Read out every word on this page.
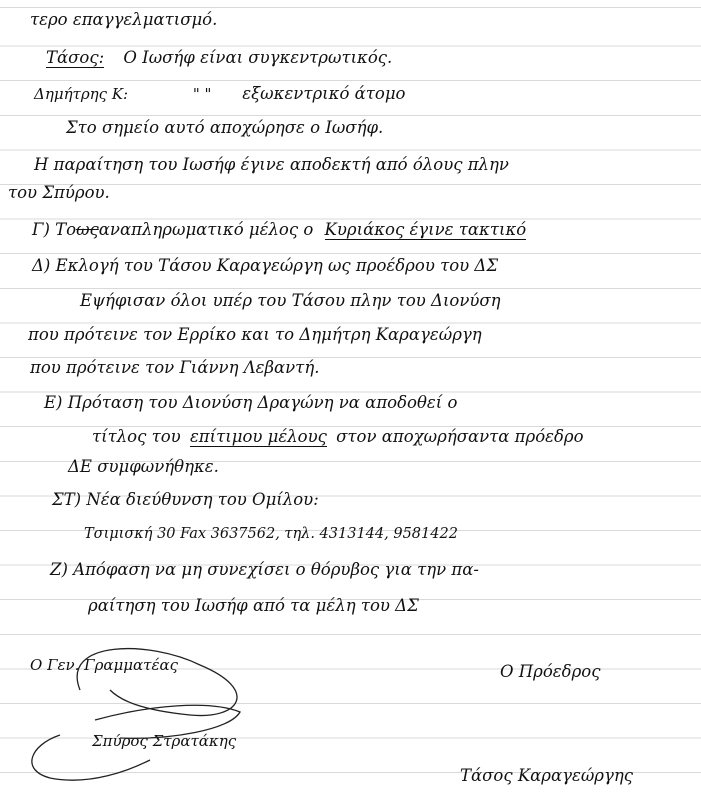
τερο επαγγελματισμό.
Τάσος: Ο Ιωσήφ είναι συγκεντρωτικός.
Δημήτρης Κ:	" " εξωκεντρικό άτομο
Στο σημείο αυτό αποχώρησε ο Ιωσήφ.
Η παραίτηση του Ιωσήφ έγινε αποδεκτή από όλους πλην
του Σπύρου.
Γ) Τοωςαναπληρωματικό μέλος ο Κυριάκος έγινε τακτικό
Δ) Εκλογή του Τάσου Καραγεώργη ως προέδρου του ΔΣ
Εψήφισαν όλοι υπέρ του Τάσου πλην του Διονύση
που πρότεινε τον Ερρίκο και το Δημήτρη Καραγεώργη
που πρότεινε τον Γιάννη Λεβαντή.
Ε) Πρόταση του Διονύση Δραγώνη να αποδοθεί ο
τίτλος του επίτιμου μέλους στον αποχωρήσαντα πρόεδρο
ΔΕ συμφωνήθηκε.
ΣΤ) Νέα διεύθυνση του Ομίλου:
Τσιμισκή 30 Fax 3637562, τηλ. 4313144, 9581422
Ζ) Απόφαση να μη συνεχίσει ο θόρυβος για την πα-
ραίτηση του Ιωσήφ από τα μέλη του ΔΣ
Ο Γεν. Γραμματέας
Σπύρος Στρατάκης
Ο Πρόεδρος
Τάσος Καραγεώργης
